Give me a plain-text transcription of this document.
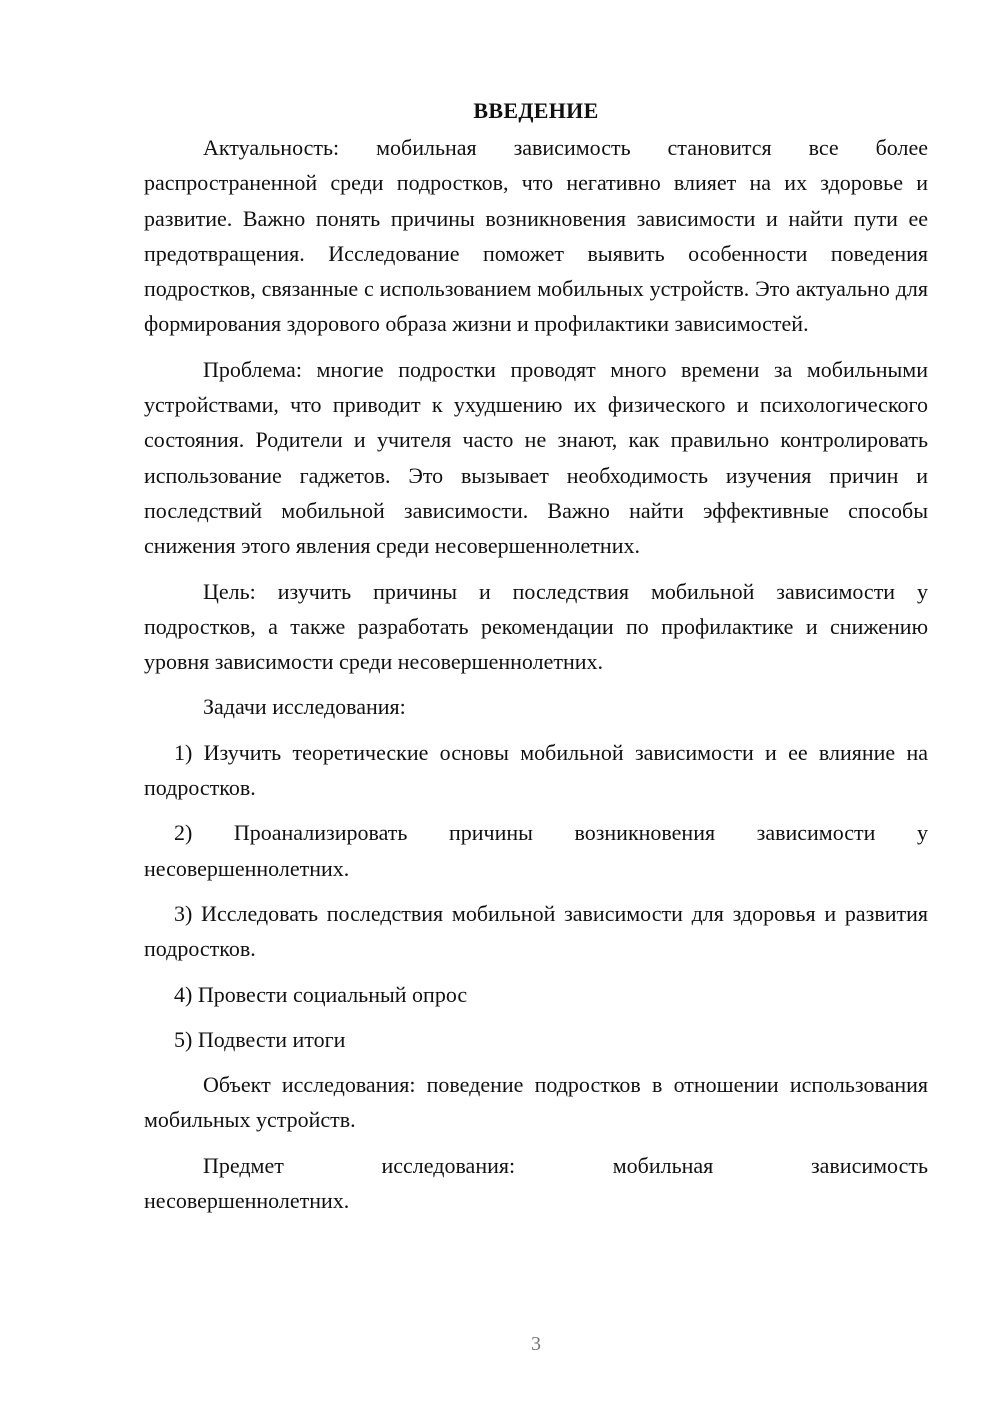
ВВЕДЕНИЕ

Актуальность: мобильная зависимость становится все более распространенной среди подростков, что негативно влияет на их здоровье и развитие. Важно понять причины возникновения зависимости и найти пути ее предотвращения. Исследование поможет выявить особенности поведения подростков, связанные с использованием мобильных устройств. Это актуально для формирования здорового образа жизни и профилактики зависимостей.

Проблема: многие подростки проводят много времени за мобильными устройствами, что приводит к ухудшению их физического и психологического состояния. Родители и учителя часто не знают, как правильно контролировать использование гаджетов. Это вызывает необходимость изучения причин и последствий мобильной зависимости. Важно найти эффективные способы снижения этого явления среди несовершеннолетних.

Цель: изучить причины и последствия мобильной зависимости у подростков, а также разработать рекомендации по профилактике и снижению уровня зависимости среди несовершеннолетних.

Задачи исследования:

1) Изучить теоретические основы мобильной зависимости и ее влияние на подростков.

2) Проанализировать причины возникновения зависимости у несовершеннолетних.

3) Исследовать последствия мобильной зависимости для здоровья и развития подростков.

4) Провести социальный опрос

5) Подвести итоги

Объект исследования: поведение подростков в отношении использования мобильных устройств.

Предмет исследования: мобильная зависимость
несовершеннолетних.
3
